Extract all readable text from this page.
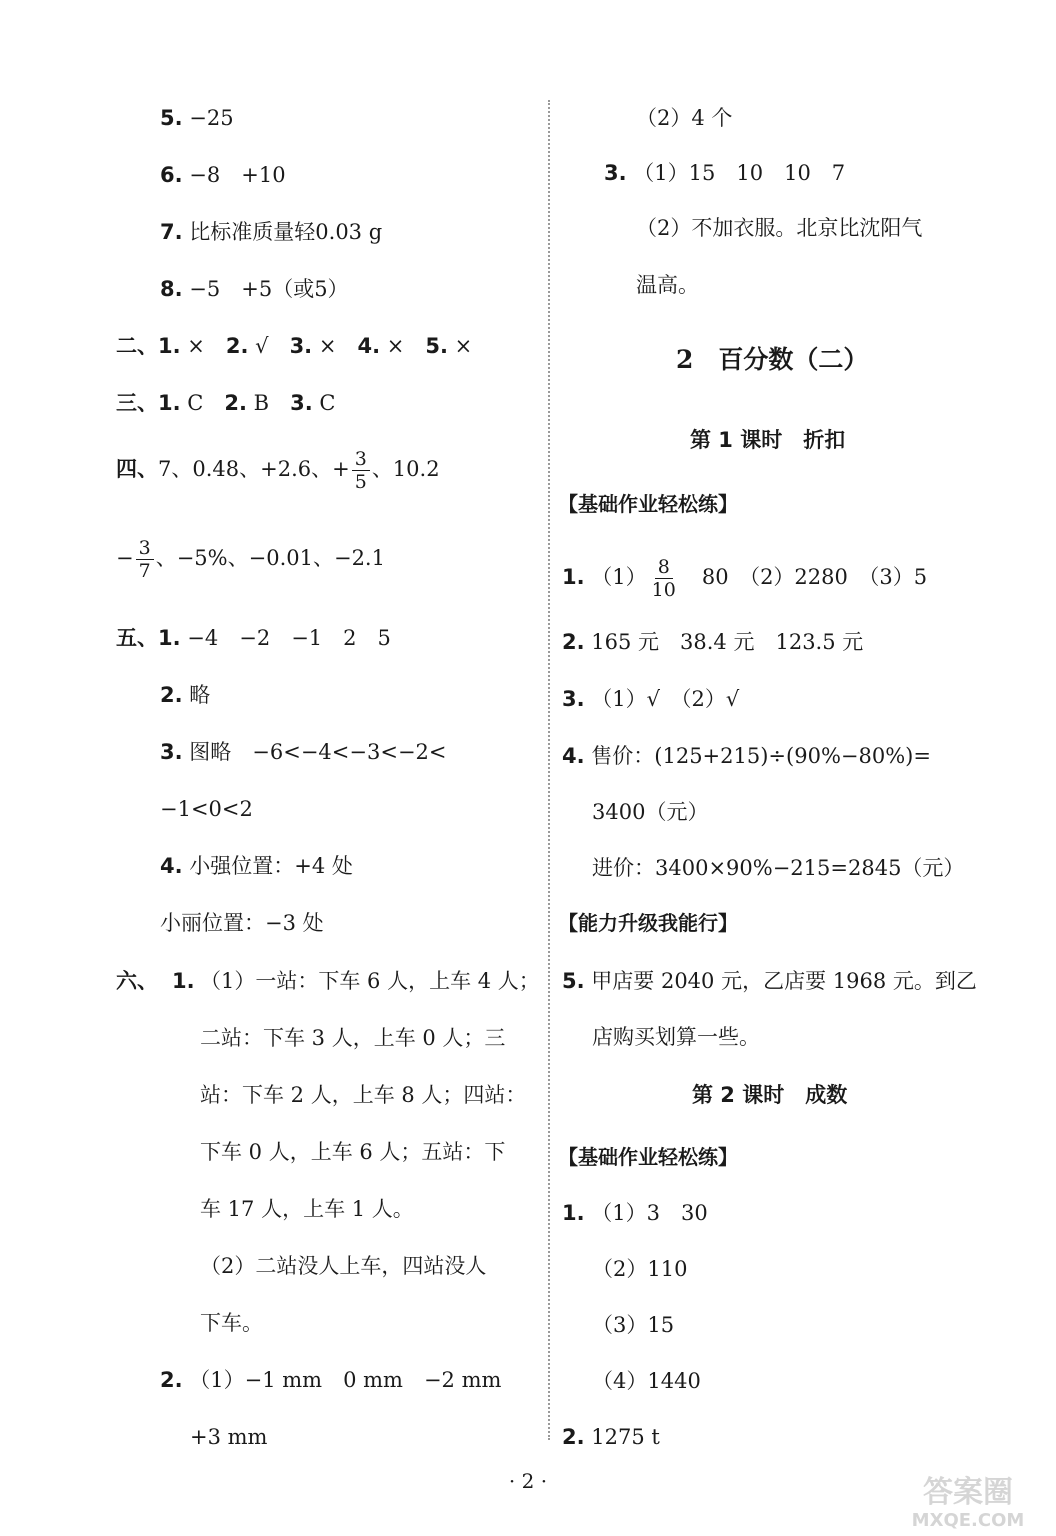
5. −25
6. −8　+10
7. 比标准质量轻0.03 g
8. −5　+5（或5）
二、1. ×　 2. √　 3. ×　 4. ×　 5. ×
三、1. C　 2. B　 3. C
四、7、0.48、+2.6、+ $\frac{3}{5}$ 、10.2
− $\frac{3}{7}$ 、−5%、−0.01、−2.1
五、1. −4　−2　−1　2　5
2. 略
3. 图略　−6<−4<−3<−2<
−1<0<2
4. 小强位置：+4 处
小丽位置：−3 处
六、 1. （1）一站：下车 6 人，上车 4 人；
二站：下车 3 人，上车 0 人；三
站：下车 2 人，上车 8 人；四站：
下车 0 人，上车 6 人；五站：下
车 17 人，上车 1 人。
（2）二站没人上车，四站没人
下车。
2. （1）−1 mm　0 mm　−2 mm
+3 mm
（2）4 个
3. （1）15　10　10　7
（2）不加衣服。北京比沈阳气
温高。
2　百分数（二）
第 1 课时　折扣
【基础作业轻松练】
1. $(1) \frac{8}{10}$ 　80　（2）2280　（3）5
2. 165 元　38.4 元　123.5 元
3. （1）√　（2）√
4. 售价：(125+215)÷(90%−80%)=
3400（元）
进价：3400×90%−215=2845（元）
【能力升级我能行】
5. 甲店要 2040 元，乙店要 1968 元。到乙
店购买划算一些。
第 2 课时　成数
【基础作业轻松练】
1. （1）3　30
（2）110
（3）15
（4）1440
2. 1275 t
· 2 ·	答案圈
MXQE.COM
